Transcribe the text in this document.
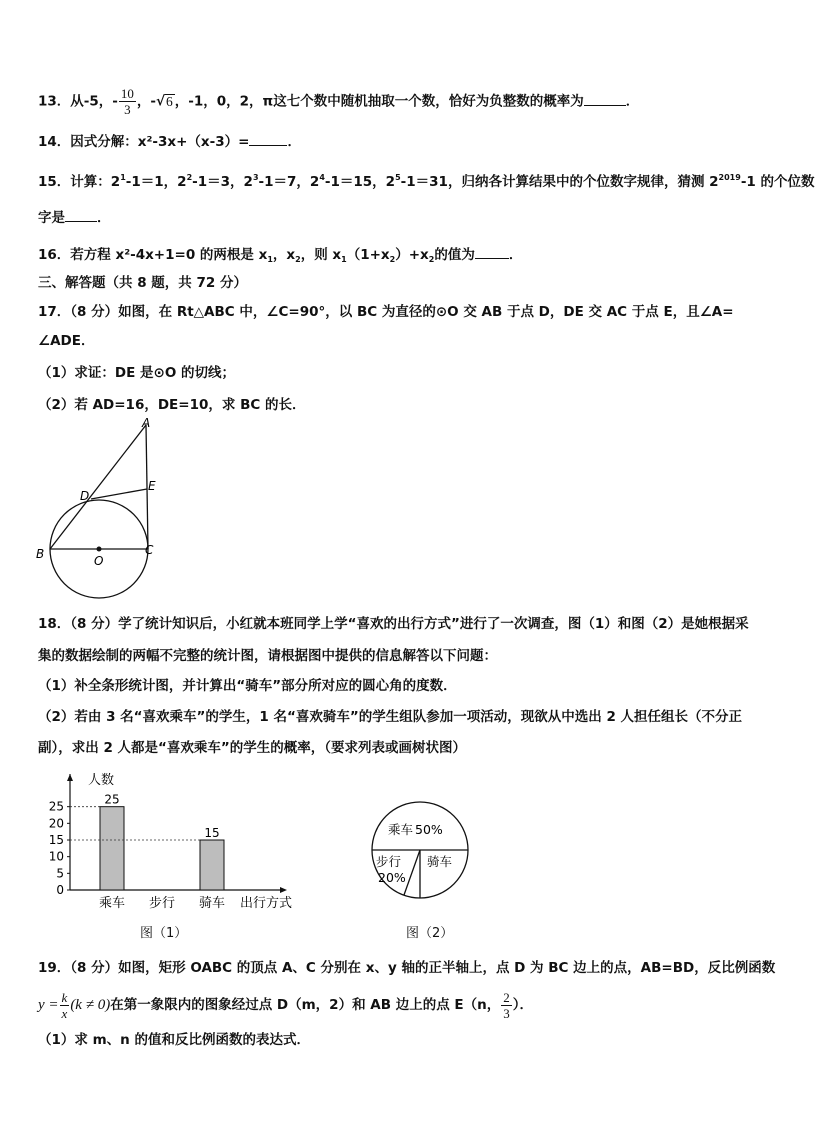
13．从-5，- $\frac{10}{3}$ ，-√6 ，-1，0，2，π这七个数中随机抽取一个数，恰好为负整数的概率为	．
14．因式分解：x²-3x+（x-3）=	．
15．计算：$2^1-1=1$，$2^2-1=3$，$2^3-1=7$，$2^4-1=15$，$2^5-1=31$，归纳各计算结果中的个位数字规律，猜测 $2^{2019}-1$ 的个位数
字是 ．
16．若方程 x²-4x+1=0 的两根是 $x_1$，$x_2$，则 $x_1(1+x_2)+x_2$的值为	．
三、解答题（共 8 题，共 72 分）
17．（8 分）如图，在 Rt△ABC 中，∠C=90°，以 BC 为直径的⊙O 交 AB 于点 D，DE 交 AC 于点 E，且∠A=
∠ADE．
（1）求证：DE 是⊙O 的切线；
（2）若 AD=16，DE=10，求 BC 的长．
A
B	C
D
E
O
18．（8 分）学了统计知识后，小红就本班同学上学“喜欢的出行方式”进行了一次调查，图（1）和图（2）是她根据采
集的数据绘制的两幅不完整的统计图，请根据图中提供的信息解答以下问题：
（1）补全条形统计图，并计算出“骑车”部分所对应的圆心角的度数．
（2）若由 3 名“喜欢乘车”的学生，1 名“喜欢骑车”的学生组队参加一项活动，现欲从中选出 2 人担任组长（不分正
副），求出 2 人都是“喜欢乘车”的学生的概率，（要求列表或画树状图）
0
5
10
15
20
25	25
乘车 步行
15
骑车
人数
出行方式
图（1）
乘车 50%
步行
20%
骑车
图（2）
19．（8 分）如图，矩形 OABC 的顶点 A、C 分别在 x、y 轴的正半轴上，点 D 为 BC 边上的点，AB=BD，反比例函数
$y = \frac{k}{x} (k \ne 0)$在第一象限内的图象经过点 D（m，2）和 AB 边上的点 E（n， $\frac{2}{3}$ ）．
（1）求 m、n 的值和反比例函数的表达式．
